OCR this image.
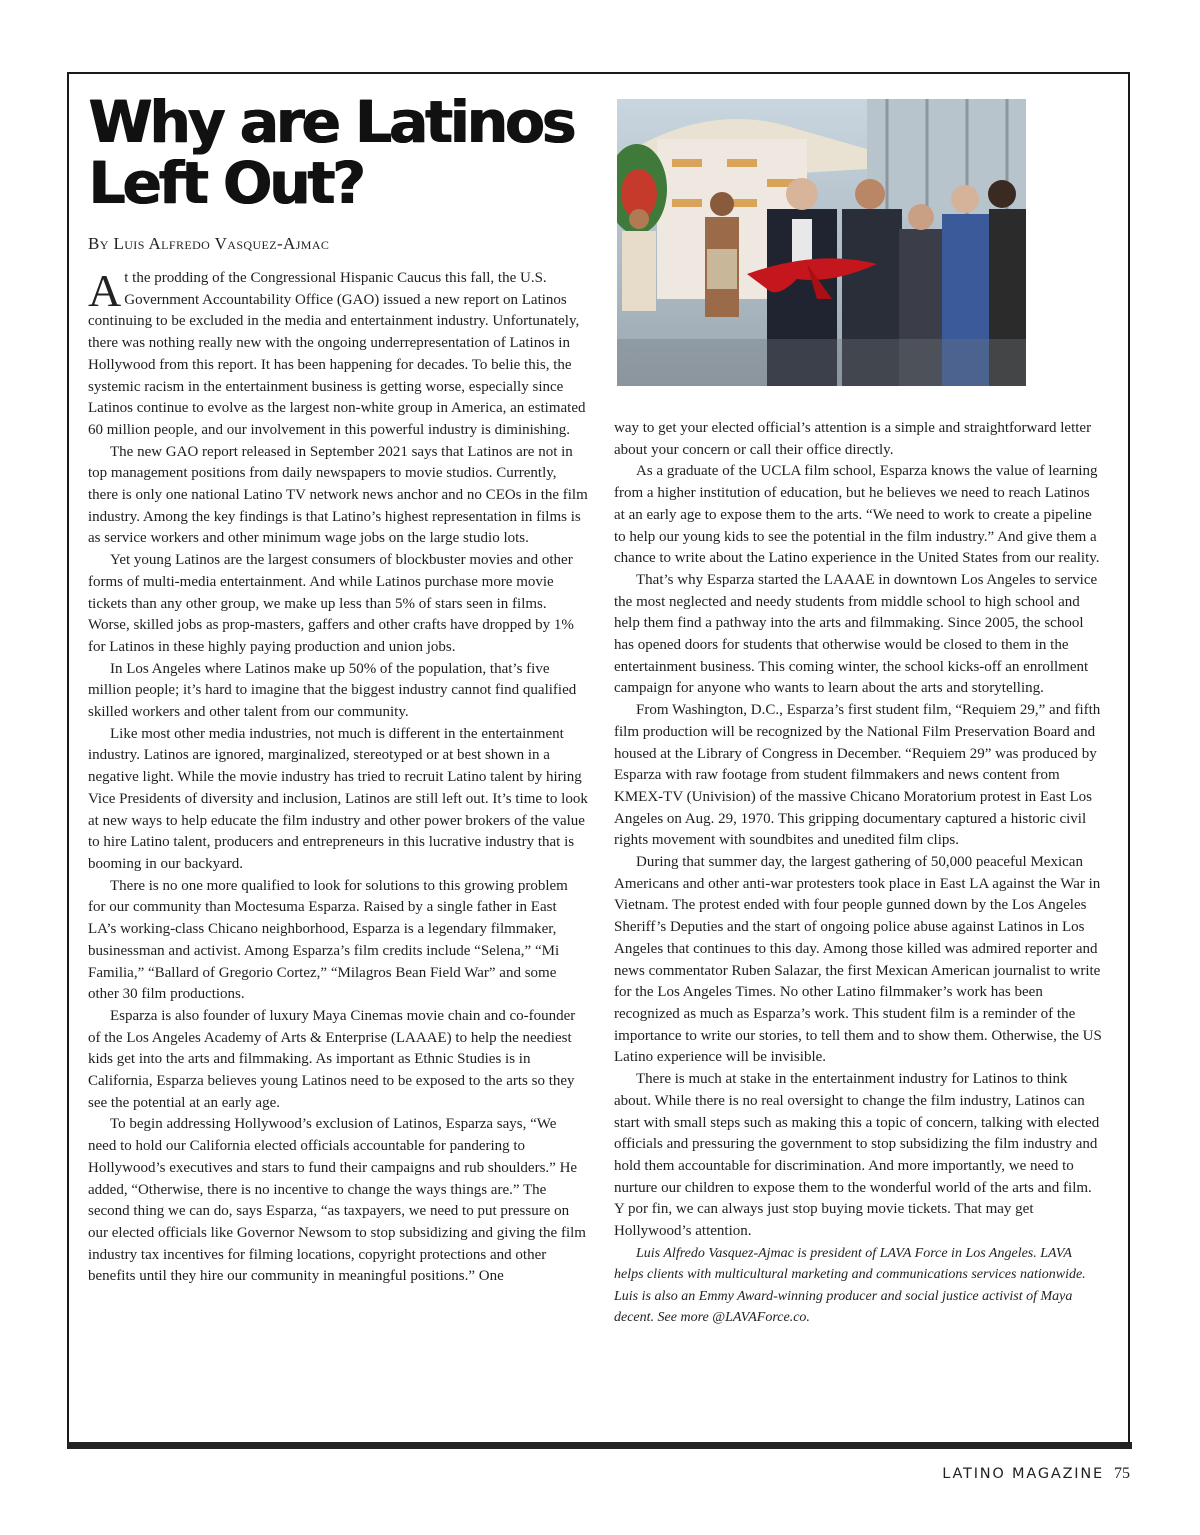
Why are Latinos
Left Out?
By Luis Alfredo Vasquez-Ajmac

At the prodding of the Congressional Hispanic Caucus this fall, the U.S. Government Accountability Office (GAO) issued a new report on Latinos continuing to be excluded in the media and entertainment industry. Unfortunately, there was nothing really new with the ongoing underrepresentation of Latinos in Hollywood from this report. It has been happening for decades. To belie this, the systemic racism in the entertainment business is getting worse, especially since Latinos continue to evolve as the largest non-white group in America, an estimated 60 million people, and our involvement in this powerful industry is diminishing.

The new GAO report released in September 2021 says that Latinos are not in top management positions from daily newspapers to movie studios. Currently, there is only one national Latino TV network news anchor and no CEOs in the film industry. Among the key findings is that Latino’s highest representation in films is as service workers and other minimum wage jobs on the large studio lots.

Yet young Latinos are the largest consumers of blockbuster movies and other forms of multi-media entertainment. And while Latinos purchase more movie tickets than any other group, we make up less than 5% of stars seen in films. Worse, skilled jobs as prop-masters, gaffers and other crafts have dropped by 1% for Latinos in these highly paying production and union jobs.

In Los Angeles where Latinos make up 50% of the population, that’s five million people; it’s hard to imagine that the biggest industry cannot find qualified skilled workers and other talent from our community.

Like most other media industries, not much is different in the entertainment industry. Latinos are ignored, marginalized, stereotyped or at best shown in a negative light. While the movie industry has tried to recruit Latino talent by hiring Vice Presidents of diversity and inclusion, Latinos are still left out. It’s time to look at new ways to help educate the film industry and other power brokers of the value to hire Latino talent, producers and entrepreneurs in this lucrative industry that is booming in our backyard.

There is no one more qualified to look for solutions to this growing problem for our community than Moctesuma Esparza. Raised by a single father in East LA’s working-class Chicano neighborhood, Esparza is a legendary filmmaker, businessman and activist. Among Esparza’s film credits include “Selena,” “Mi Familia,” “Ballard of Gregorio Cortez,” “Milagros Bean Field War” and some other 30 film productions.

Esparza is also founder of luxury Maya Cinemas movie chain and co-founder of the Los Angeles Academy of Arts & Enterprise (LAAAE) to help the neediest kids get into the arts and filmmaking. As important as Ethnic Studies is in California, Esparza believes young Latinos need to be exposed to the arts so they see the potential at an early age.

To begin addressing Hollywood’s exclusion of Latinos, Esparza says, “We need to hold our California elected officials accountable for pandering to Hollywood’s executives and stars to fund their campaigns and rub shoulders.” He added, “Otherwise, there is no incentive to change the ways things are.” The second thing we can do, says Esparza, “as taxpayers, we need to put pressure on our elected officials like Governor Newsom to stop subsidizing and giving the film industry tax incentives for filming locations, copyright protections and other benefits until they hire our community in meaningful positions.” One

way to get your elected official’s attention is a simple and straightforward letter about your concern or call their office directly.

As a graduate of the UCLA film school, Esparza knows the value of learning from a higher institution of education, but he believes we need to reach Latinos at an early age to expose them to the arts. “We need to work to create a pipeline to help our young kids to see the potential in the film industry.” And give them a chance to write about the Latino experience in the United States from our reality.

That’s why Esparza started the LAAAE in downtown Los Angeles to service the most neglected and needy students from middle school to high school and help them find a pathway into the arts and filmmaking. Since 2005, the school has opened doors for students that otherwise would be closed to them in the entertainment business. This coming winter, the school kicks-off an enrollment campaign for anyone who wants to learn about the arts and storytelling.

From Washington, D.C., Esparza’s first student film, “Requiem 29,” and fifth film production will be recognized by the National Film Preservation Board and housed at the Library of Congress in December. “Requiem 29” was produced by Esparza with raw footage from student filmmakers and news content from KMEX-TV (Univision) of the massive Chicano Moratorium protest in East Los Angeles on Aug. 29, 1970. This gripping documentary captured a historic civil rights movement with soundbites and unedited film clips.

During that summer day, the largest gathering of 50,000 peaceful Mexican Americans and other anti-war protesters took place in East LA against the War in Vietnam. The protest ended with four people gunned down by the Los Angeles Sheriff’s Deputies and the start of ongoing police abuse against Latinos in Los Angeles that continues to this day. Among those killed was admired reporter and news commentator Ruben Salazar, the first Mexican American journalist to write for the Los Angeles Times. No other Latino filmmaker’s work has been recognized as much as Esparza’s work. This student film is a reminder of the importance to write our stories, to tell them and to show them. Otherwise, the US Latino experience will be invisible.

There is much at stake in the entertainment industry for Latinos to think about. While there is no real oversight to change the film industry, Latinos can start with small steps such as making this a topic of concern, talking with elected officials and pressuring the government to stop subsidizing the film industry and hold them accountable for discrimination. And more importantly, we need to nurture our children to expose them to the wonderful world of the arts and film. Y por fin, we can always just stop buying movie tickets. That may get Hollywood’s attention.

Luis Alfredo Vasquez-Ajmac is president of LAVA Force in Los Angeles. LAVA helps clients with multicultural marketing and communications services nationwide. Luis is also an Emmy Award-winning producer and social justice activist of Maya decent. See more @LAVAForce.co.

LATINO MAGAZINE 75
